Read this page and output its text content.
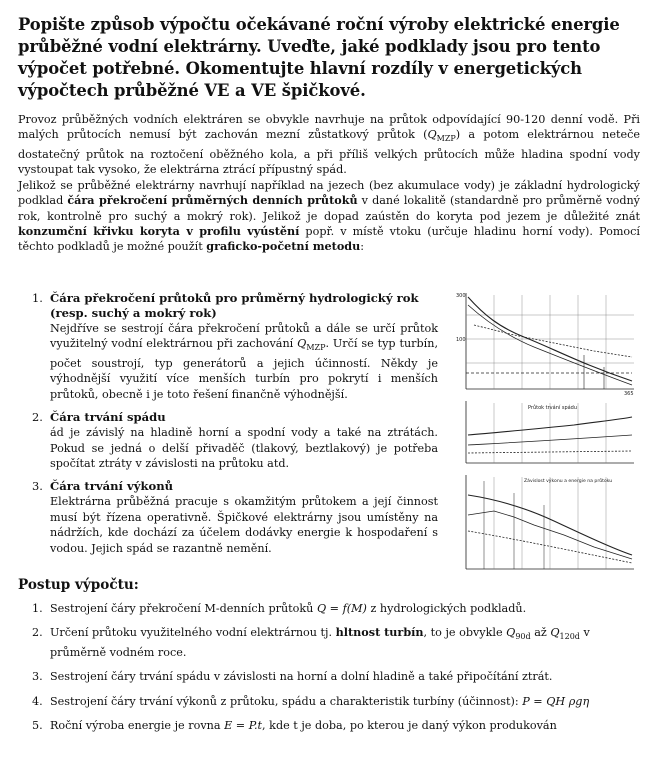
Popište způsob výpočtu očekávané roční výroby elektrické energie průběžné vodní elektrárny. Uveďte, jaké podklady jsou pro tento výpočet potřebné. Okomentujte hlavní rozdíly v energetických výpočtech průběžné VE a VE špičkové.

Provoz průběžných vodních elektráren se obvykle navrhuje na průtok odpovídající 90-120 denní vodě. Při malých průtocích nemusí být zachován mezní zůstatkový průtok $(Q_{MZP})$ a potom elektrárnou neteče dostatečný průtok na roztočení oběžného kola, a při příliš velkých průtocích může hladina spodní vody vystoupat tak vysoko, že elektrárna ztrácí přípustný spád.

Jelikož se průběžné elektrárny navrhují například na jezech (bez akumulace vody) je základní hydrologický podklad čára překročení průměrných denních průtoků v dané lokalitě (standardně pro průměrně vodný rok, kontrolně pro suchý a mokrý rok). Jelikož je dopad zaústěn do koryta pod jezem je důležité znát konzumční křivku koryta v profilu vyústění popř. v místě vtoku (určuje hladinu horní vody). Pomocí těchto podkladů je možné použít graficko-početní metodu:

1. Čára překročení průtoků pro průměrný hydrologický rok (resp. suchý a mokrý rok)
Nejdříve se sestrojí čára překročení průtoků a dále se určí průtok využitelný vodní elektrárnou při zachování $Q_{MZP}$. Určí se typ turbín, počet soustrojí, typ generátorů a jejich účinností. Někdy je výhodnější využití více menších turbín pro pokrytí i menších průtoků, obecně i je toto řešení finančně výhodnější.
2. Čára trvání spádu
ád je závislý na hladině horní a spodní vody a také na ztrátách. Pokud se jedná o delší přivaděč (tlakový, beztlakový) je potřeba spočítat ztráty v závislosti na průtoku atd.
3. Čára trvání výkonů
Elektrárna průběžná pracuje s okamžitým průtokem a její činnost musí být řízena operativně. Špičkové elektrárny jsou umístěny na nádržích, kde dochází za účelem dodávky energie k hospodaření s vodou. Jejich spád se razantně nemění.
300
100
365
Průtok trvání spádu
Závislost výkonu a energie na průtoku
Postup výpočtu:
1. Sestrojení čáry překročení M-denních průtoků Q = f(M) z hydrologických podkladů.
2. Určení průtoku využitelného vodní elektrárnou tj. hltnost turbín, to je obvykle $Q_{90d}$ až $Q_{120d}$ v průměrně vodném roce.
3. Sestrojení čáry trvání spádu v závislosti na horní a dolní hladině a také připočítání ztrát.
4. Sestrojení čáry trvání výkonů z průtoku, spádu a charakteristik turbíny (účinnost): P = QH ρgη
5. Roční výroba energie je rovna E = P.t, kde t je doba, po kterou je daný výkon produkován
